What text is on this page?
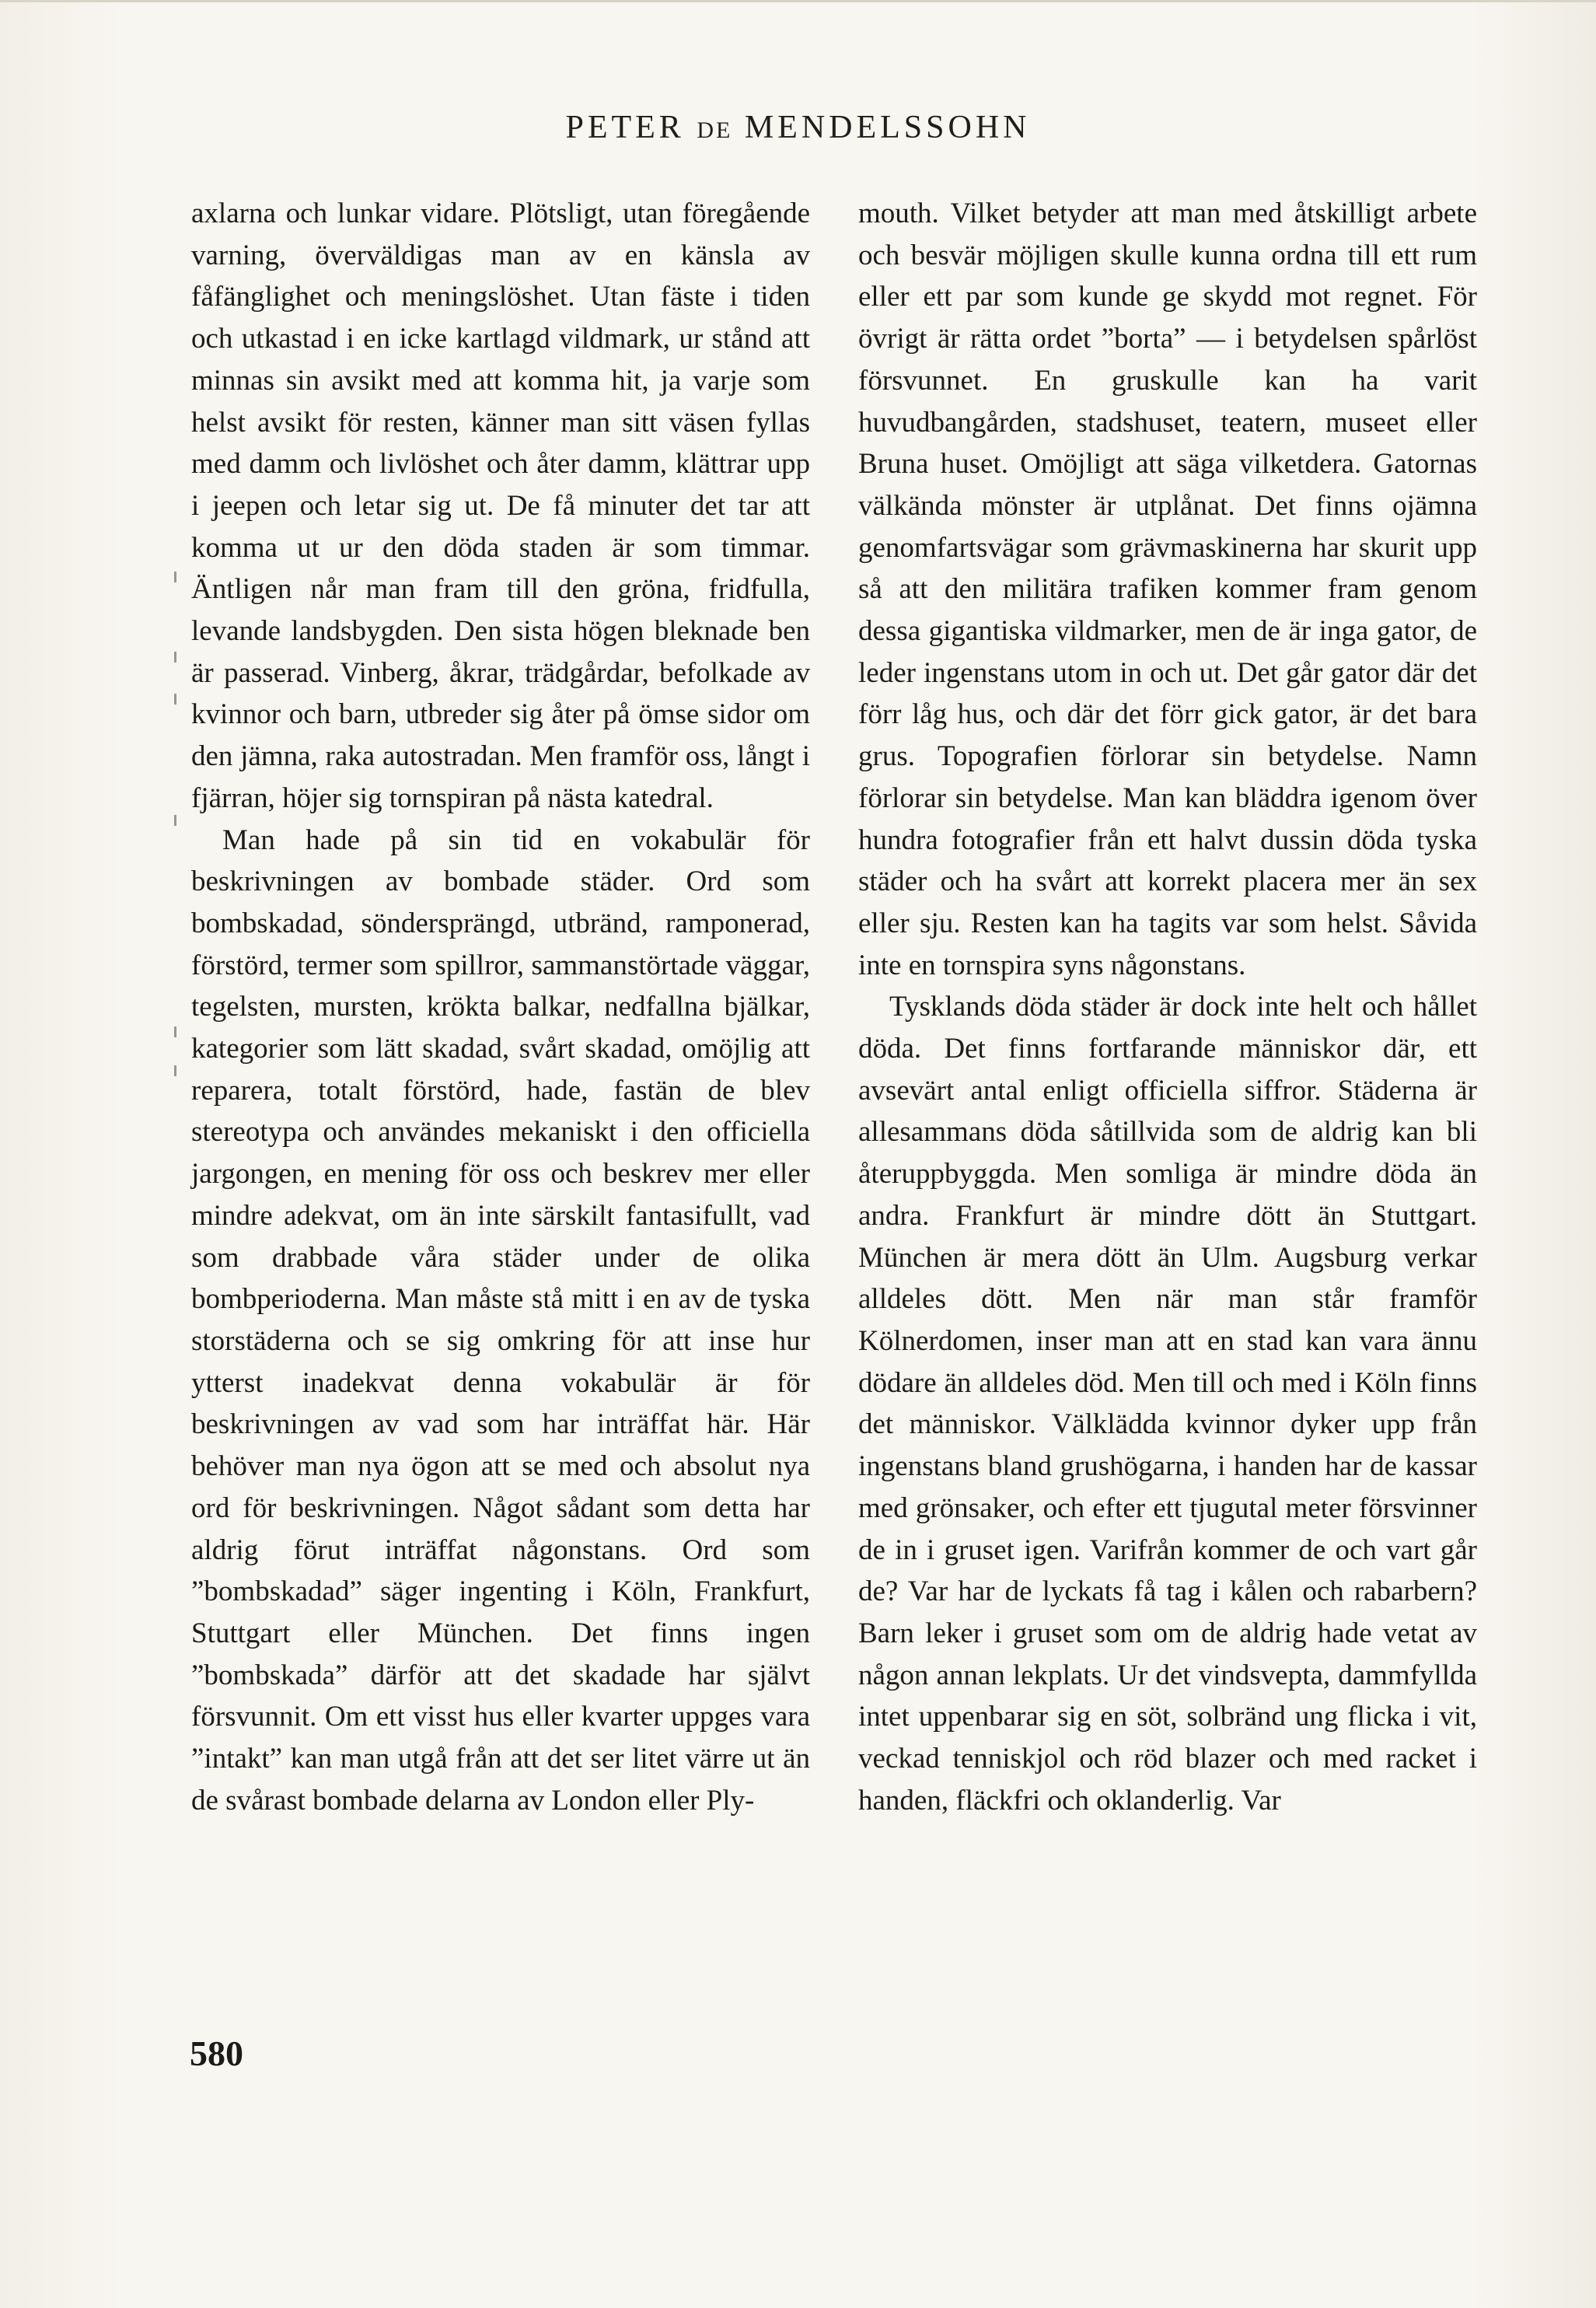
PETER DE MENDELSSOHN

axlarna och lunkar vidare. Plötsligt, utan föregående varning, överväldigas man av en känsla av fåfänglighet och meningslöshet. Utan fäste i tiden och utkastad i en icke kartlagd vildmark, ur stånd att minnas sin avsikt med att komma hit, ja varje som helst avsikt för resten, känner man sitt väsen fyllas med damm och livlöshet och åter damm, klättrar upp i jeepen och letar sig ut. De få minuter det tar att komma ut ur den döda staden är som timmar. Äntligen når man fram till den gröna, fridfulla, levande landsbygden. Den sista högen bleknade ben är passerad. Vinberg, åkrar, trädgårdar, befolkade av kvinnor och barn, utbreder sig åter på ömse sidor om den jämna, raka autostradan. Men framför oss, långt i fjärran, höjer sig tornspiran på nästa katedral.

Man hade på sin tid en vokabulär för beskrivningen av bombade städer. Ord som bombskadad, söndersprängd, utbränd, ramponerad, förstörd, termer som spillror, sammanstörtade väggar, tegelsten, mursten, kröktа balkar, nedfallna bjälkar, kategorier som lätt skadad, svårt skadad, omöjlig att reparera, totalt förstörd, hade, fastän de blev stereotypa och användes mekaniskt i den officiella jargongen, en mening för oss och beskrev mer eller mindre adekvat, om än inte särskilt fantasifullt, vad som drabbade våra städer under de olika bombperioderna. Man måste stå mitt i en av de tyska storstäderna och se sig omkring för att inse hur ytterst inadekvat denna vokabulär är för beskrivningen av vad som har inträffat här. Här behöver man nya ögon att se med och absolut nya ord för beskrivningen. Något sådant som detta har aldrig förut inträffat någonstans. Ord som ”bombskadad” säger ingenting i Köln, Frankfurt, Stuttgart eller München. Det finns ingen ”bombskada” därför att det skadade har självt försvunnit. Om ett visst hus eller kvarter uppges vara ”intakt” kan man utgå från att det ser litet värre ut än de svårast bombade delarna av London eller Ply-

mouth. Vilket betyder att man med åtskilligt arbete och besvär möjligen skulle kunna ordna till ett rum eller ett par som kunde ge skydd mot regnet. För övrigt är rätta ordet ”borta” — i betydelsen spårlöst försvunnet. En gruskulle kan ha varit huvudbangården, stadshuset, teatern, museet eller Bruna huset. Omöjligt att säga vilketdera. Gatornas välkända mönster är utplånat. Det finns ojämna genomfartsvägar som grävmaskinerna har skurit upp så att den militära trafiken kommer fram genom dessa gigantiska vildmarker, men de är inga gator, de leder ingenstans utom in och ut. Det går gator där det förr låg hus, och där det förr gick gator, är det bara grus. Topografien förlorar sin betydelse. Namn förlorar sin betydelse. Man kan bläddra igenom över hundra fotografier från ett halvt dussin döda tyska städer och ha svårt att korrekt placera mer än sex eller sju. Resten kan ha tagits var som helst. Såvida inte en tornspira syns någonstans.

Tysklands döda städer är dock inte helt och hållet döda. Det finns fortfarande människor där, ett avsevärt antal enligt officiella siffror. Städerna är allesammans döda såtillvida som de aldrig kan bli återuppbyggda. Men somliga är mindre döda än andra. Frankfurt är mindre dött än Stuttgart. München är mera dött än Ulm. Augsburg verkar alldeles dött. Men när man står framför Kölnerdomen, inser man att en stad kan vara ännu dödare än alldeles död. Men till och med i Köln finns det människor. Välklädda kvinnor dyker upp från ingenstans bland grushögarna, i handen har de kassar med grönsaker, och efter ett tjugutal meter försvinner de in i gruset igen. Varifrån kommer de och vart går de? Var har de lyckats få tag i kålen och rabarbern? Barn leker i gruset som om de aldrig hade vetat av någon annan lekplats. Ur det vindsvepta, dammfyllda intet uppenbarar sig en söt, solbränd ung flicka i vit, veckad tenniskjol och röd blazer och med racket i handen, fläckfri och oklanderlig. Var

580
